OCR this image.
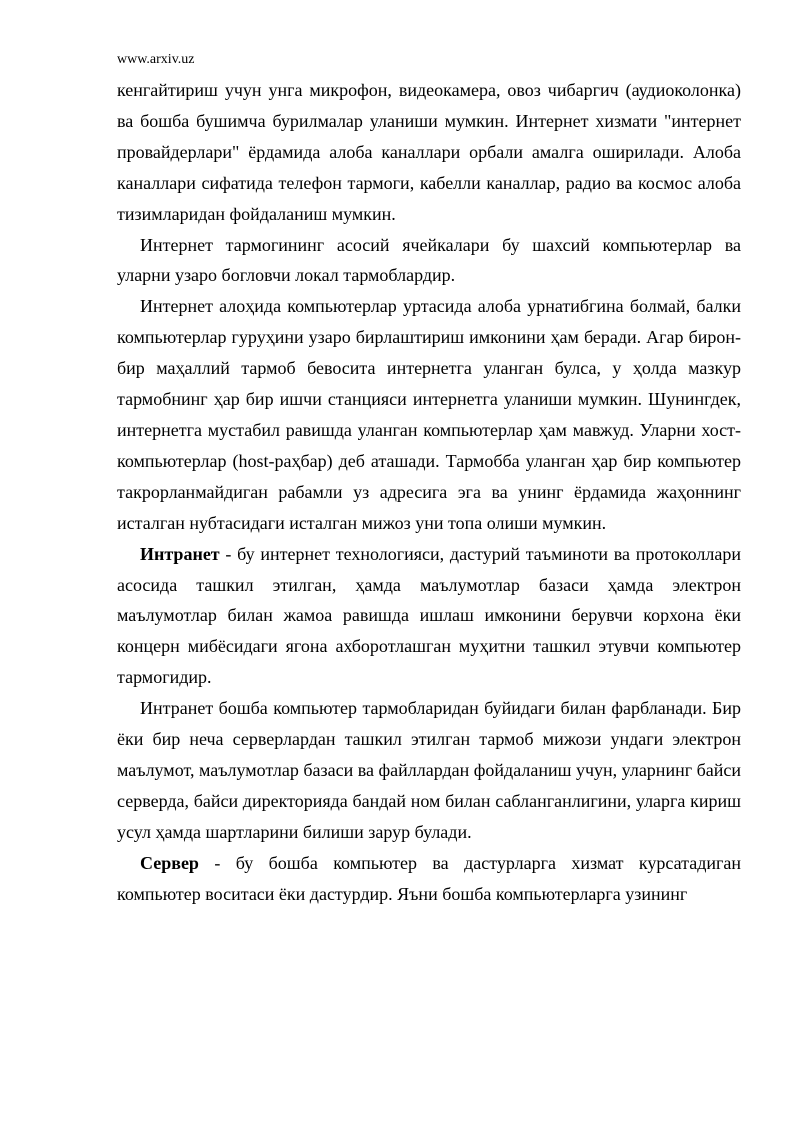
www.arxiv.uz

кенгайтириш учун унга микрофон, видеокамера, овоз чибаргич (аудиоколонка) ва бошба бушимча бурилмалар уланиши мумкин. Интернет хизмати "интернет провайдерлари" ёрдамида алоба каналлари орбали амалга оширилади. Алоба каналлари сифатида телефон тармоги, кабелли каналлар, радио ва космос алоба тизимларидан фойдаланиш мумкин.

Интернет тармогининг асосий ячейкалари бу шахсий компьютерлар ва уларни узаро богловчи локал тармоблардир.

Интернет алоҳида компьютерлар уртасида алоба урнатибгина болмай, балки компьютерлар гуруҳини узаро бирлаштириш имконини ҳам беради. Агар бирон-бир маҳаллий тармоб бевосита интернетга уланган булса, у ҳолда мазкур тармобнинг ҳар бир ишчи станцияси интернетга уланиши мумкин. Шунингдек, интернетга мустабил равишда уланган компьютерлар ҳам мавжуд. Уларни хост-компьютерлар (host-раҳбар) деб аташади. Тармобба уланган ҳар бир компьютер такрорланмайдиган рабамли уз адресига эга ва унинг ёрдамида жаҳоннинг исталган нубтасидаги исталган мижоз уни топа олиши мумкин.

Интранет - бу интернет технологияси, дастурий таъминоти ва протоколлари асосида ташкил этилган, ҳамда маълумотлар базаси ҳамда электрон маълумотлар билан жамоа равишда ишлаш имконини берувчи корхона ёки концерн мибёсидаги ягона ахборотлашган муҳитни ташкил этувчи компьютер тармогидир.

Интранет бошба компьютер тармобларидан буйидаги билан фарбланади. Бир ёки бир неча серверлардан ташкил этилган тармоб мижози ундаги электрон маълумот, маълумотлар базаси ва файллардан фойдаланиш учун, уларнинг байси серверда, байси директорияда бандай ном билан сабланганлигини, уларга кириш усул ҳамда шартларини билиши зарур булади.

Сервер - бу бошба компьютер ва дастурларга хизмат курсатадиган компьютер воситаси ёки дастурдир. Яъни бошба компьютерларга узининг
